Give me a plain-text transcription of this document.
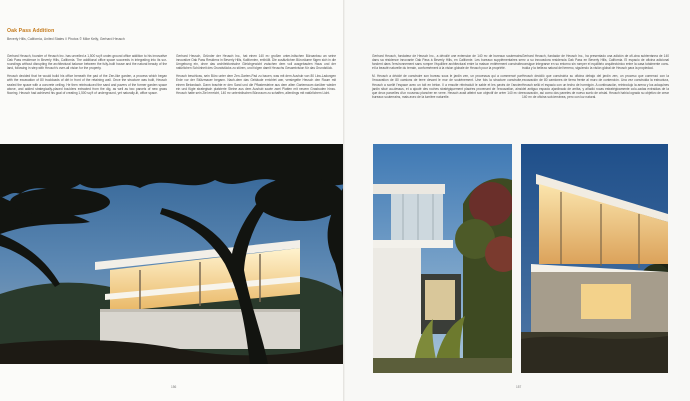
Oak Pass Addition
Beverly Hills, California, United States // Photos © Mike Kelly, Gerhard Heusch

Gerhard Heusch, founder of Heusch Inc. has unveiled a 1,500 sq ft under-ground office addition to his innovative Oak Pass residence in Beverly Hills, California. The additional office space succeeds in integrating into its sur-roundings without disrupting the architectural balance between the fully-built house and the natural beauty of the land, following in step with Heusch's over-all vision for the property.

Heusch decided that he would build his office beneath the pad of the Zen-like garden, a process which began with the excavation of 80 truckloads of dirt in front of the retaining wall. Once the structure was built, Heusch sealed the space with a concrete ceiling. He then reintroduced the sand and pavers of the former garden space above, and added strategically-placed boulders extracted from the dig, as well as two parcels of new grass flooring. Heusch had achieved his goal of creating 1,500 sq ft of underground, yet naturally-lit, office space.

Gerhard Heusch, Gründer der Heusch Inc., hat einen 140 m² großen unter-irdischen Büroanbau an seine innovative Oak Pass Residenz in Beverly Hills, Kalifornien, enthüllt. Die zusätzlichen Büroräume fügen sich in die Umgebung ein, ohne das architektonische Gleichgewicht zwischen dem voll ausgebauten Haus und der natürlichen Schönheit des Grundstücks zu stören, und folgen damit Heuschs Gesamtvision für das Grundstück.

Heusch beschloss, sein Büro unter dem Zen-Garten-Pad zu bauen, was mit dem Aushub von 80 Lkw-Ladungen Erde vor der Stützmauer begann. Nach-dem das Gebäude errichtet war, versiegelte Heusch den Raum mit einem Betondach. Dann brachte er den Sand und die Pflastersteine aus dem alten Gartenraum darüber wieder ein und fügte strategisch platzierte Steine aus dem Aushub sowie zwei Platten mit neuem Grasboden hinzu. Heusch hatte sein Ziel erreicht, 140 m² unterirdischen Büroraum zu schaffen, allerdings mit natürlichem Licht.

156

Gerhard Heusch, fondateur de Heusch Inc., a dévoilé une extension de 140 m² de bureaux souterrains dans sa résidence innovante Oak Pass à Beverly Hills, en Californie. Les bureaux supplémentaires se fondent dans l'environnement sans rompre l'équilibre architectural entre la maison entièrement construite et la beauté naturelle du terrain, conformément à la vision globale de Heusch pour la propriété.

M. Heusch a décidé de construire son bureau sous le jardin zen, un processus qui a commencé par l'excavation de 80 camions de terre devant le mur de soutènement. Une fois la structure construite, Heusch a scellé l'espace avec un toit en béton. Il a ensuite réintroduit le sable et les pavés de l'ancien jardin situé au-dessus, et a ajouté des roches stratégiquement placées provenant de l'excavation, ainsi que deux parcelles d'un nouveau plancher en verre. Heusch avait atteint son objectif de créer 140 m² de bureaux souterrains, mais avec de la lumière naturelle.

Gerhard Heusch, fundador de Heusch Inc., ha presentado una adición de ofi-cina subterránea de 140 m² a su innovadora residencia Oak Pass en Beverly Hills, California. El espacio de oficina adicional consigue integrarse en su entorno sin romper el equilibrio arquitectónico entre la casa totalmente cons-truida y la belleza natural del terreno, siguiendo la visión global de Heusch para la propiedad.

Heusch decidió que construiría su oficina debajo del jardín zen, un proceso que comenzó con la excavación de 80 camiones de tierra frente al muro de contención. Una vez construida la estructura, Heusch selló el espacio con un techo de hormigón. A continuación, reintrodujo la arena y los adoquines del antiguo espacio ajardinado de arriba, y añadió rocas estratégicamente colo-cadas extraídas de la excavación, así como dos paneles de nuevo suelo de cristal. Heusch había logrado su objetivo de crear 140 m² de oficina sub-terránea, pero con luz natural.

157
